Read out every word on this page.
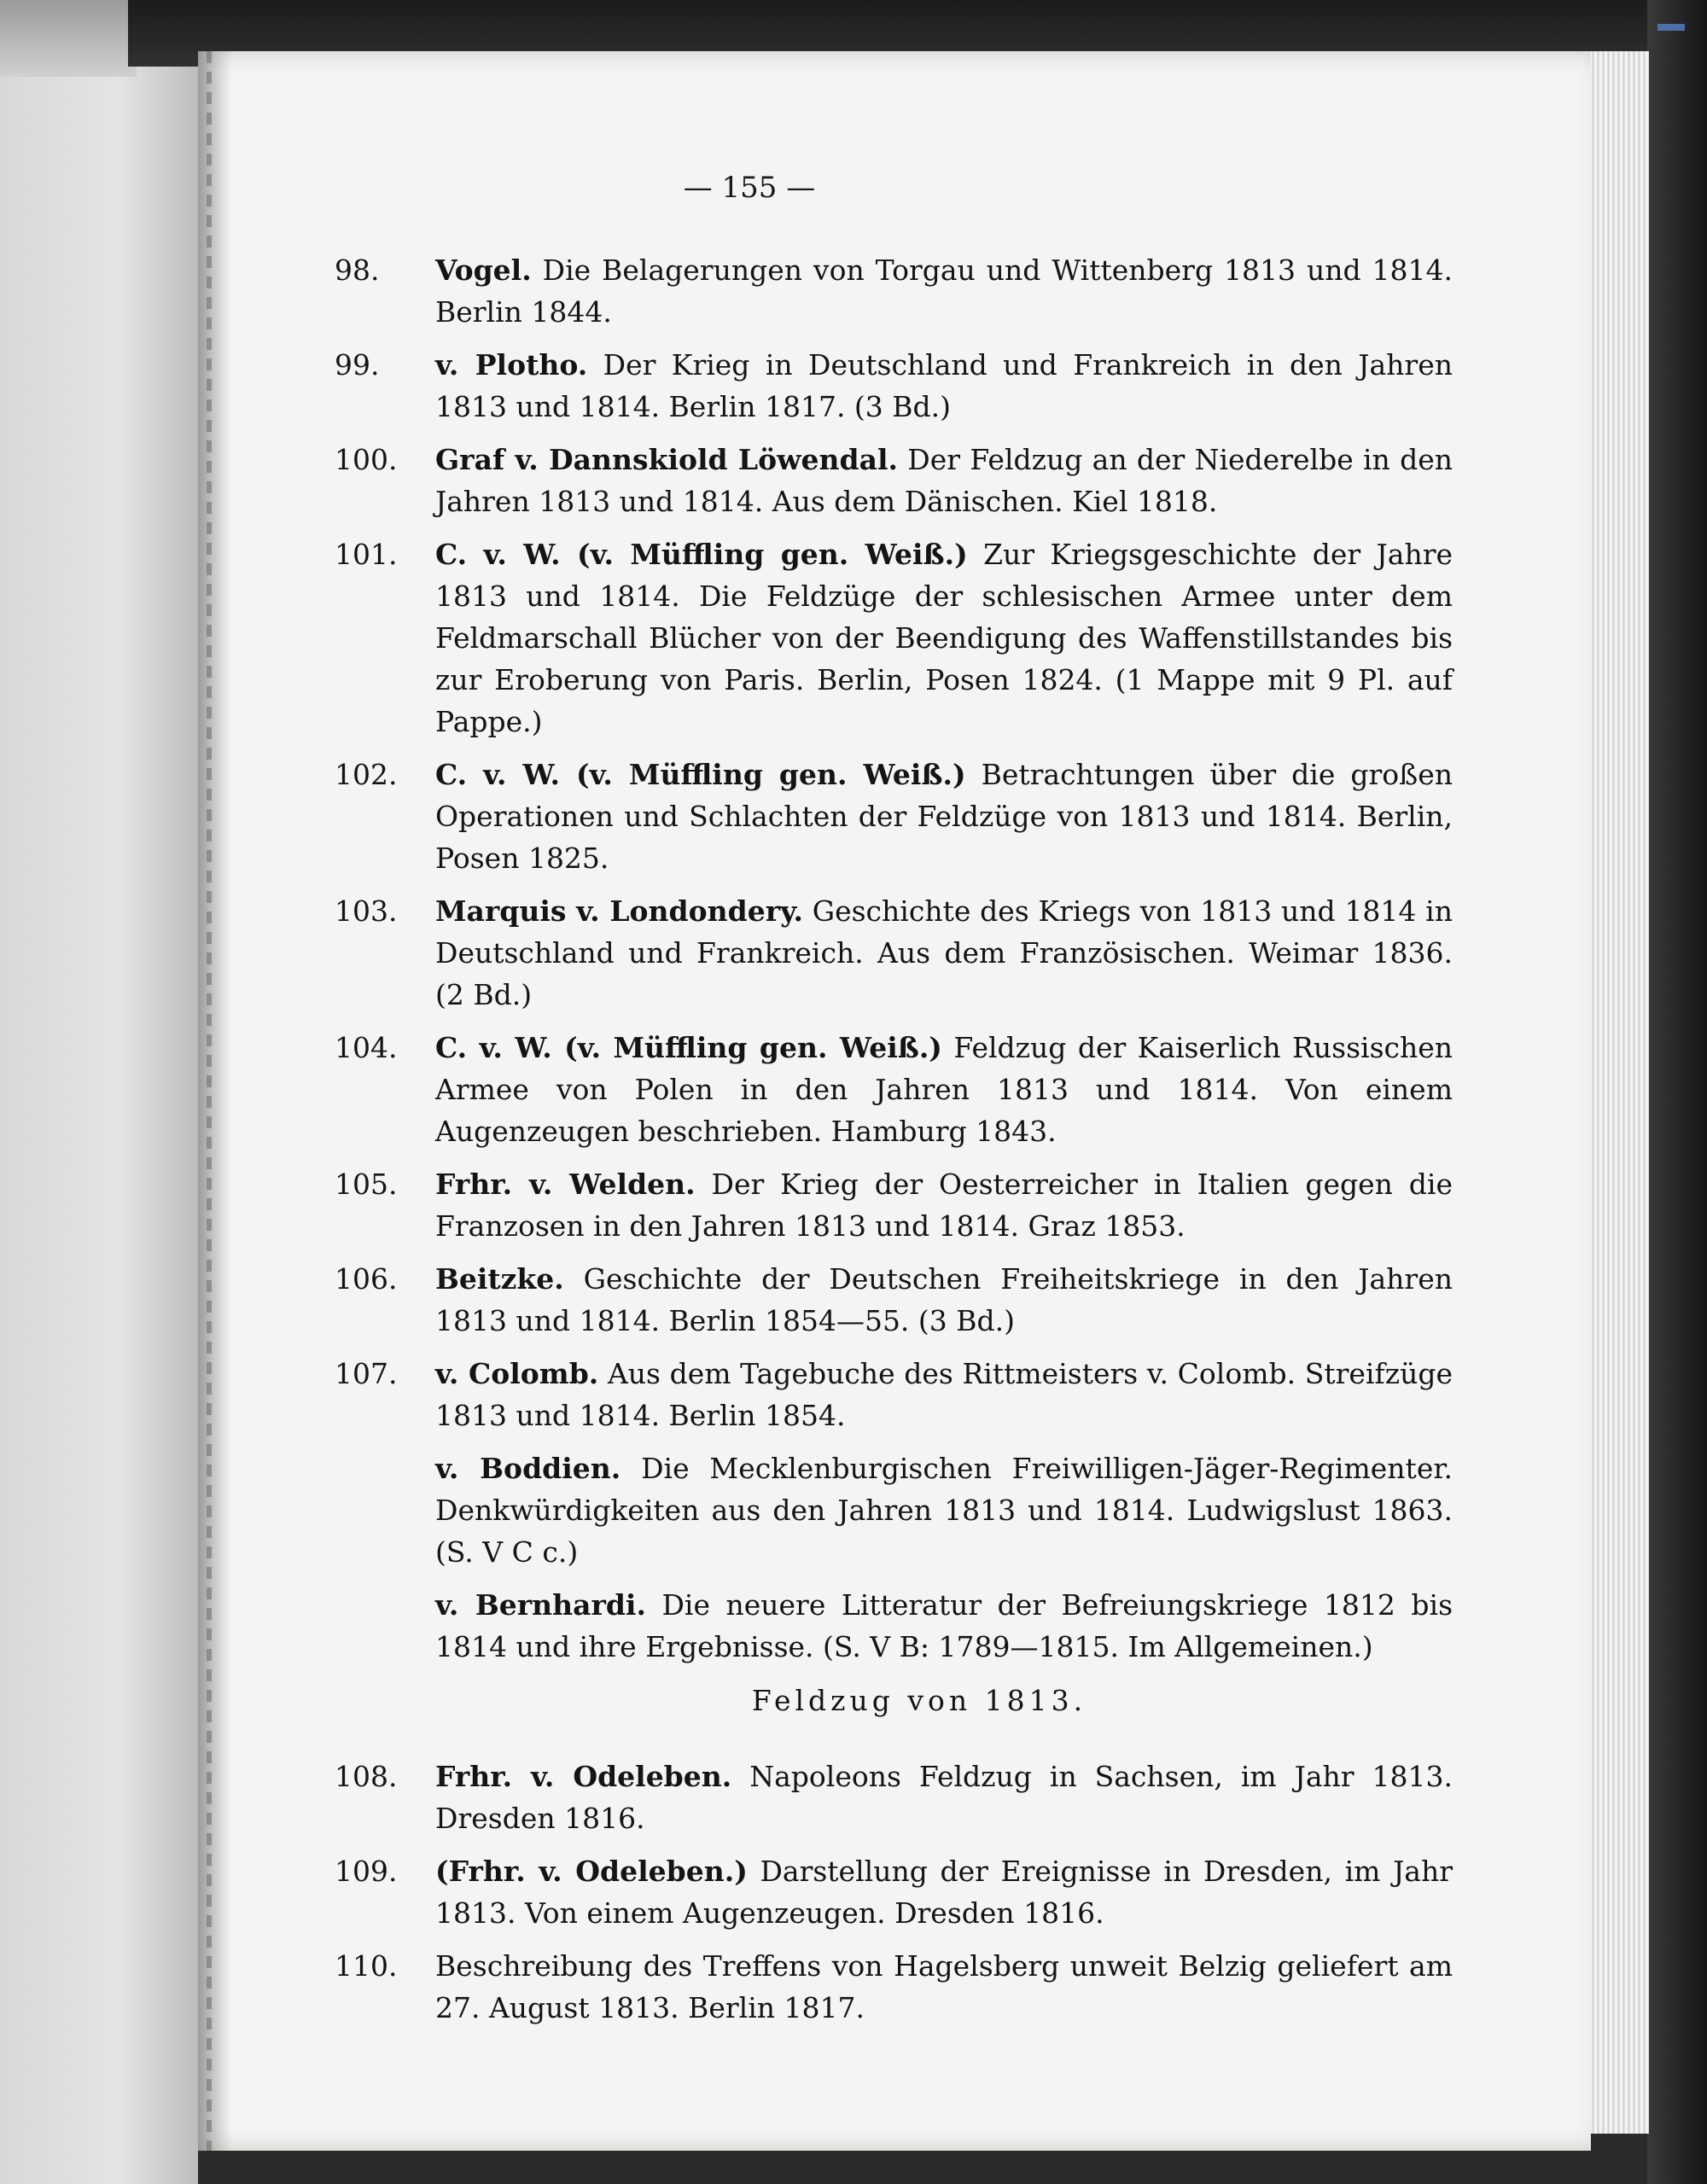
— 155 —
98.	Vogel. Die Belagerungen von Torgau und Wittenberg 1813 und 1814. Berlin 1844.
99.	v. Plotho. Der Krieg in Deutschland und Frankreich in den Jahren 1813 und 1814. Berlin 1817. (3 Bd.)
100.	Graf v. Dannskiold Löwendal. Der Feldzug an der Niederelbe in den Jahren 1813 und 1814. Aus dem Dänischen. Kiel 1818.
101.	C. v. W. (v. Müffling gen. Weiß.) Zur Kriegsgeschichte der Jahre 1813 und 1814. Die Feldzüge der schlesischen Armee unter dem Feldmarschall Blücher von der Beendigung des Waffenstillstandes bis zur Eroberung von Paris. Berlin, Posen 1824. (1 Mappe mit 9 Pl. auf Pappe.)
102.	C. v. W. (v. Müffling gen. Weiß.) Betrachtungen über die großen Operationen und Schlachten der Feldzüge von 1813 und 1814. Berlin, Posen 1825.
103.	Marquis v. Londondery. Geschichte des Kriegs von 1813 und 1814 in Deutschland und Frankreich. Aus dem Französischen. Weimar 1836. (2 Bd.)
104.	C. v. W. (v. Müffling gen. Weiß.) Feldzug der Kaiserlich Russischen Armee von Polen in den Jahren 1813 und 1814. Von einem Augenzeugen beschrieben. Hamburg 1843.
105.	Frhr. v. Welden. Der Krieg der Oesterreicher in Italien gegen die Franzosen in den Jahren 1813 und 1814. Graz 1853.
106.	Beitzke. Geschichte der Deutschen Freiheitskriege in den Jahren 1813 und 1814. Berlin 1854—55. (3 Bd.)
107.	v. Colomb. Aus dem Tagebuche des Rittmeisters v. Colomb. Streifzüge 1813 und 1814. Berlin 1854.
v. Boddien. Die Mecklenburgischen Freiwilligen-Jäger-Regimenter. Denkwürdigkeiten aus den Jahren 1813 und 1814. Ludwigslust 1863. (S. V C c.)
v. Bernhardi. Die neuere Litteratur der Befreiungskriege 1812 bis 1814 und ihre Ergebnisse. (S. V B: 1789—1815. Im Allgemeinen.)
Feldzug von 1813.
108.	Frhr. v. Odeleben. Napoleons Feldzug in Sachsen, im Jahr 1813. Dresden 1816.
109.	(Frhr. v. Odeleben.) Darstellung der Ereignisse in Dresden, im Jahr 1813. Von einem Augenzeugen. Dresden 1816.
110.	Beschreibung des Treffens von Hagelsberg unweit Belzig geliefert am 27. August 1813. Berlin 1817.
